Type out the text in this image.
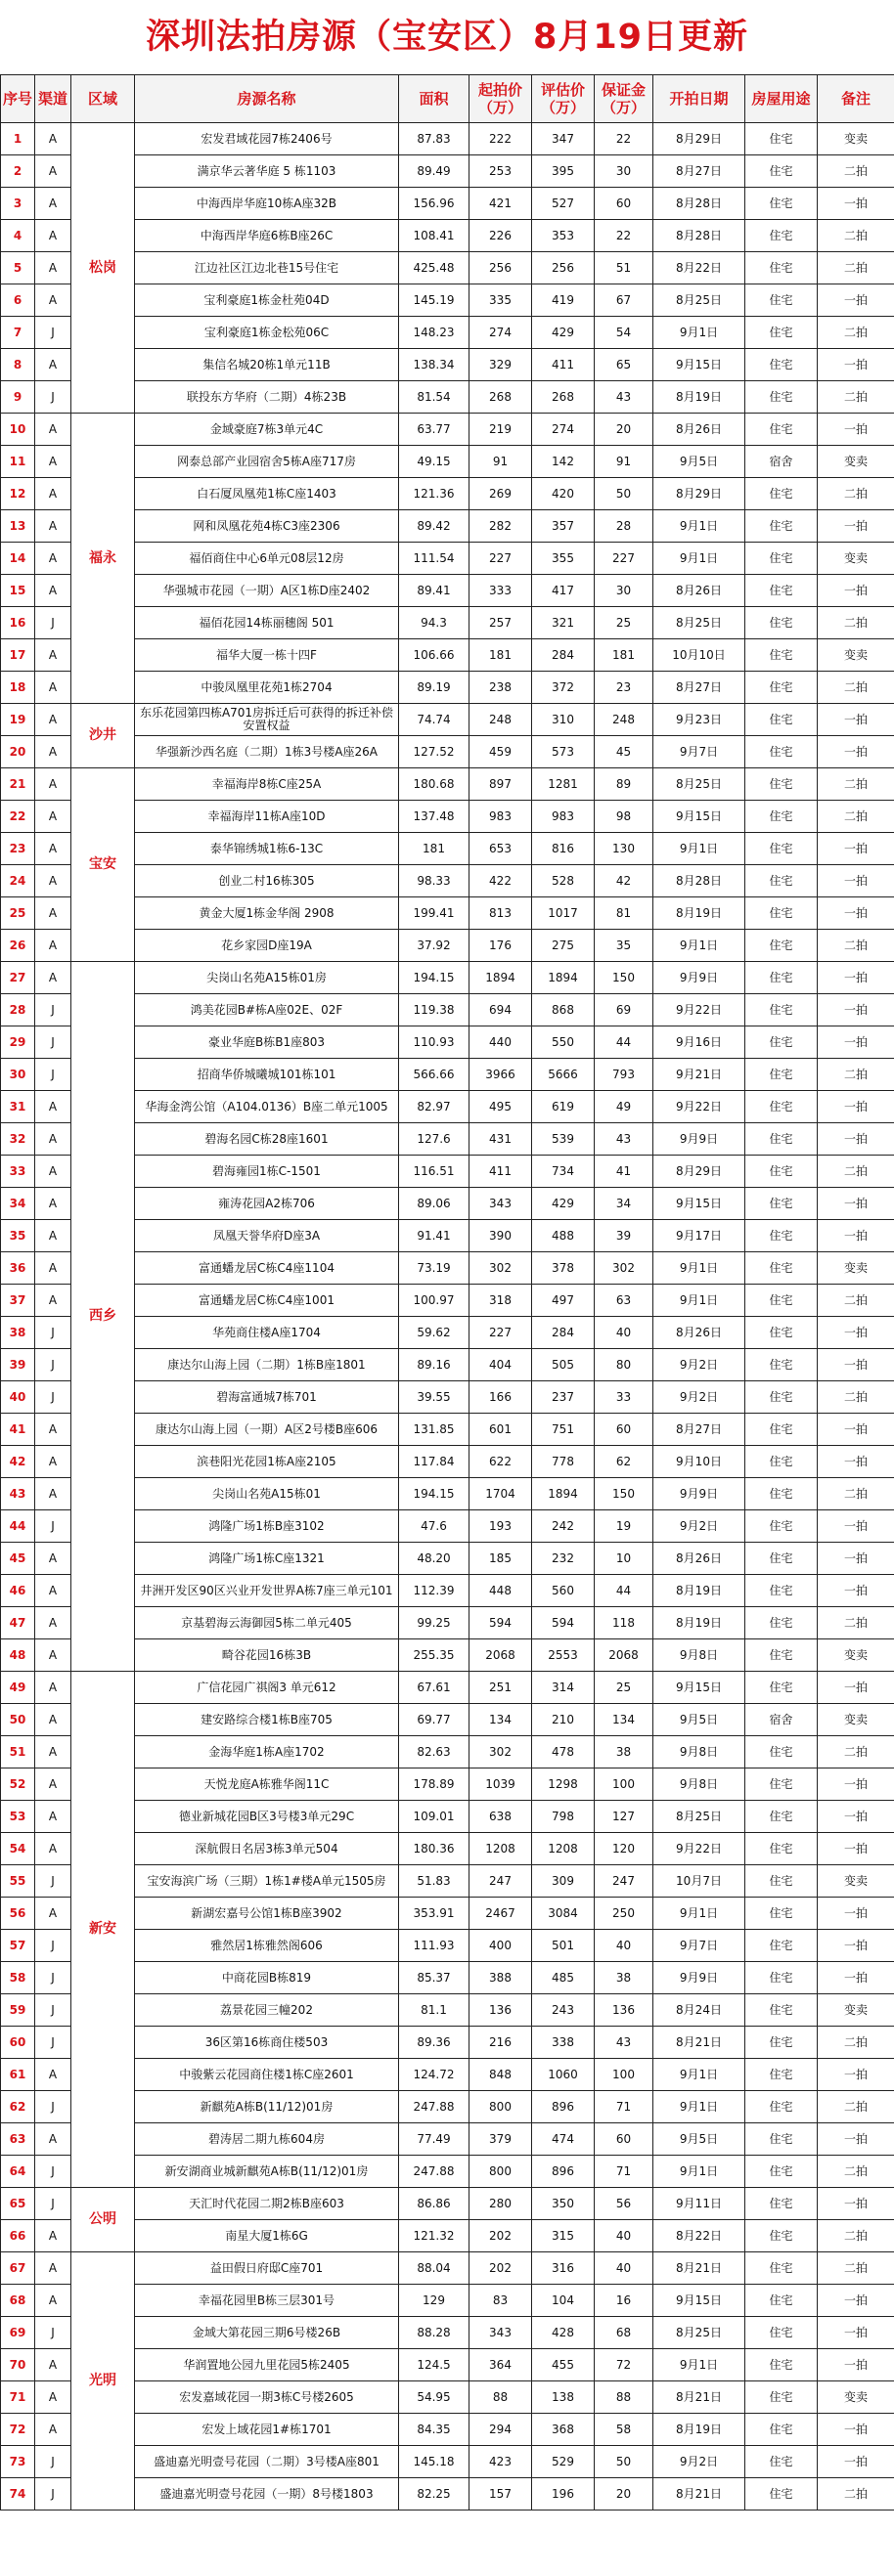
深圳法拍房源（宝安区）8月19日更新
序号	渠道	区域	房源名称	面积	起拍价（万）	评估价（万）	保证金（万）	开拍日期	房屋用途	备注
1	A	松岗	宏发君域花园7栋2406号	87.83	222	347	22	8月29日	住宅	变卖
2	A		满京华云著华庭 5 栋1103	89.49	253	395	30	8月27日	住宅	二拍
3	A		中海西岸华庭10栋A座32B	156.96	421	527	60	8月28日	住宅	一拍
4	A		中海西岸华庭6栋B座26C	108.41	226	353	22	8月28日	住宅	二拍
5	A		江边社区江边北巷15号住宅	425.48	256	256	51	8月22日	住宅	二拍
6	A		宝利豪庭1栋金杜苑04D	145.19	335	419	67	8月25日	住宅	一拍
7	J		宝利豪庭1栋金松苑06C	148.23	274	429	54	9月1日	住宅	二拍
8	A		集信名城20栋1单元11B	138.34	329	411	65	9月15日	住宅	一拍
9	J		联投东方华府（二期）4栋23B	81.54	268	268	43	8月19日	住宅	二拍
10	A	福永	金域豪庭7栋3单元4C	63.77	219	274	20	8月26日	住宅	一拍
11	A		网泰总部产业园宿舍5栋A座717房	49.15	91	142	91	9月5日	宿舍	变卖
12	A		白石厦凤凰苑1栋C座1403	121.36	269	420	50	8月29日	住宅	二拍
13	A		网和凤凰花苑4栋C3座2306	89.42	282	357	28	9月1日	住宅	一拍
14	A		福佰商住中心6单元08层12房	111.54	227	355	227	9月1日	住宅	变卖
15	A		华强城市花园（一期）A区1栋D座2402	89.41	333	417	30	8月26日	住宅	一拍
16	J		福佰花园14栋丽穗阁 501	94.3	257	321	25	8月25日	住宅	二拍
17	A		福华大厦一栋十四F	106.66	181	284	181	10月10日	住宅	变卖
18	A		中骏凤凰里花苑1栋2704	89.19	238	372	23	8月27日	住宅	二拍
19	A	沙井	东乐花园第四栋A701房拆迁后可获得的拆迁补偿安置权益	74.74	248	310	248	9月23日	住宅	一拍
20	A		华强新沙西名庭（二期）1栋3号楼A座26A	127.52	459	573	45	9月7日	住宅	一拍
21	A	宝安	幸福海岸8栋C座25A	180.68	897	1281	89	8月25日	住宅	二拍
22	A		幸福海岸11栋A座10D	137.48	983	983	98	9月15日	住宅	二拍
23	A		泰华锦绣城1栋6-13C	181	653	816	130	9月1日	住宅	一拍
24	A		创业二村16栋305	98.33	422	528	42	8月28日	住宅	一拍
25	A		黄金大厦1栋金华阁 2908	199.41	813	1017	81	8月19日	住宅	一拍
26	A		花乡家园D座19A	37.92	176	275	35	9月1日	住宅	二拍
27	A	西乡	尖岗山名苑A15栋01房	194.15	1894	1894	150	9月9日	住宅	一拍
28	J		鸿美花园B#栋A座02E、02F	119.38	694	868	69	9月22日	住宅	一拍
29	J		豪业华庭B栋B1座803	110.93	440	550	44	9月16日	住宅	一拍
30	J		招商华侨城曦城101栋101	566.66	3966	5666	793	9月21日	住宅	二拍
31	A		华海金湾公馆（A104.0136）B座二单元1005	82.97	495	619	49	9月22日	住宅	一拍
32	A		碧海名园C栋28座1601	127.6	431	539	43	9月9日	住宅	一拍
33	A		碧海雍园1栋C-1501	116.51	411	734	41	8月29日	住宅	二拍
34	A		雍涛花园A2栋706	89.06	343	429	34	9月15日	住宅	一拍
35	A		凤凰天誉华府D座3A	91.41	390	488	39	9月17日	住宅	一拍
36	A		富通蟠龙居C栋C4座1104	73.19	302	378	302	9月1日	住宅	变卖
37	A		富通蟠龙居C栋C4座1001	100.97	318	497	63	9月1日	住宅	二拍
38	J		华苑商住楼A座1704	59.62	227	284	40	8月26日	住宅	一拍
39	J		康达尔山海上园（二期）1栋B座1801	89.16	404	505	80	9月2日	住宅	一拍
40	J		碧海富通城7栋701	39.55	166	237	33	9月2日	住宅	二拍
41	A		康达尔山海上园（一期）A区2号楼B座606	131.85	601	751	60	8月27日	住宅	一拍
42	A		滨巷阳光花园1栋A座2105	117.84	622	778	62	9月10日	住宅	一拍
43	A		尖岗山名苑A15栋01	194.15	1704	1894	150	9月9日	住宅	二拍
44	J		鸿隆广场1栋B座3102	47.6	193	242	19	9月2日	住宅	一拍
45	A		鸿隆广场1栋C座1321	48.20	185	232	10	8月26日	住宅	一拍
46	A		井洲开发区90区兴业开发世界A栋7座三单元101	112.39	448	560	44	8月19日	住宅	一拍
47	A		京基碧海云海御园5栋二单元405	99.25	594	594	118	8月19日	住宅	二拍
48	A		畸谷花园16栋3B	255.35	2068	2553	2068	9月8日	住宅	变卖
49	A	新安	广信花园广祺阁3 单元612	67.61	251	314	25	9月15日	住宅	一拍
50	A		建安路综合楼1栋B座705	69.77	134	210	134	9月5日	宿舍	变卖
51	A		金海华庭1栋A座1702	82.63	302	478	38	9月8日	住宅	二拍
52	A		天悦龙庭A栋雅华阁11C	178.89	1039	1298	100	9月8日	住宅	一拍
53	A		德业新城花园B区3号楼3单元29C	109.01	638	798	127	8月25日	住宅	一拍
54	A		深航假日名居3栋3单元504	180.36	1208	1208	120	9月22日	住宅	一拍
55	J		宝安海滨广场（三期）1栋1#楼A单元1505房	51.83	247	309	247	10月7日	住宅	变卖
56	A		新湖宏嘉号公馆1栋B座3902	353.91	2467	3084	250	9月1日	住宅	一拍
57	J		雅然居1栋雅然阁606	111.93	400	501	40	9月7日	住宅	一拍
58	J		中商花园B栋819	85.37	388	485	38	9月9日	住宅	一拍
59	J		荔景花园三幢202	81.1	136	243	136	8月24日	住宅	变卖
60	J		36区第16栋商住楼503	89.36	216	338	43	8月21日	住宅	二拍
61	A		中骏紫云花园商住楼1栋C座2601	124.72	848	1060	100	9月1日	住宅	一拍
62	J		新麒苑A栋B(11/12)01房	247.88	800	896	71	9月1日	住宅	二拍
63	A		碧涛居二期九栋604房	77.49	379	474	60	9月5日	住宅	一拍
64	J		新安湖商业城新麒苑A栋B(11/12)01房	247.88	800	896	71	9月1日	住宅	二拍
65	J	公明	天汇时代花园二期2栋B座603	86.86	280	350	56	9月11日	住宅	一拍
66	A		南星大厦1栋6G	121.32	202	315	40	8月22日	住宅	二拍
67	A	光明	益田假日府邸C座701	88.04	202	316	40	8月21日	住宅	二拍
68	A		幸福花园里B栋三层301号	129	83	104	16	9月15日	住宅	一拍
69	J		金域大第花园三期6号楼26B	88.28	343	428	68	8月25日	住宅	一拍
70	A		华润置地公园九里花园5栋2405	124.5	364	455	72	9月1日	住宅	一拍
71	A		宏发嘉域花园一期3栋C号楼2605	54.95	88	138	88	8月21日	住宅	变卖
72	A		宏发上域花园1#栋1701	84.35	294	368	58	8月19日	住宅	一拍
73	J		盛迪嘉光明壹号花园（二期）3号楼A座801	145.18	423	529	50	9月2日	住宅	一拍
74	J		盛迪嘉光明壹号花园（一期）8号楼1803	82.25	157	196	20	8月21日	住宅	二拍
